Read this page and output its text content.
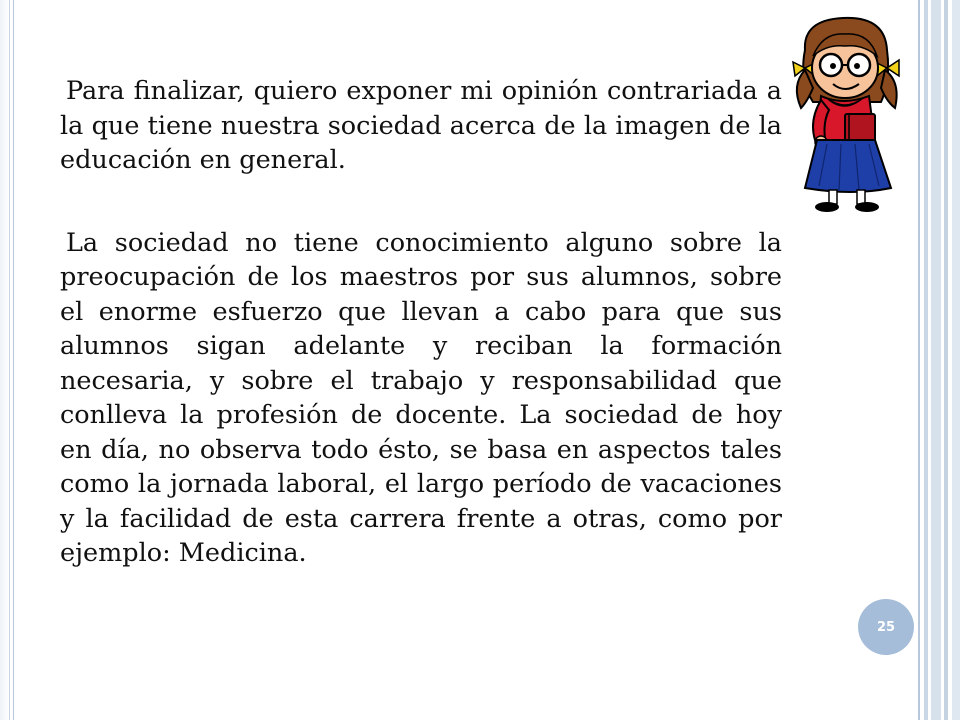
Para finalizar, quiero exponer mi opinión contrariada a la que tiene nuestra sociedad acerca de la imagen de la educación en general.

La sociedad no tiene conocimiento alguno sobre la preocupación de los maestros por sus alumnos, sobre el enorme esfuerzo que llevan a cabo para que sus alumnos sigan adelante y reciban la formación necesaria, y sobre el trabajo y responsabilidad que conlleva la profesión de docente. La sociedad de hoy en día, no observa todo ésto, se basa en aspectos tales como la jornada laboral, el largo período de vacaciones y la facilidad de esta carrera frente a otras, como por ejemplo: Medicina.

25
